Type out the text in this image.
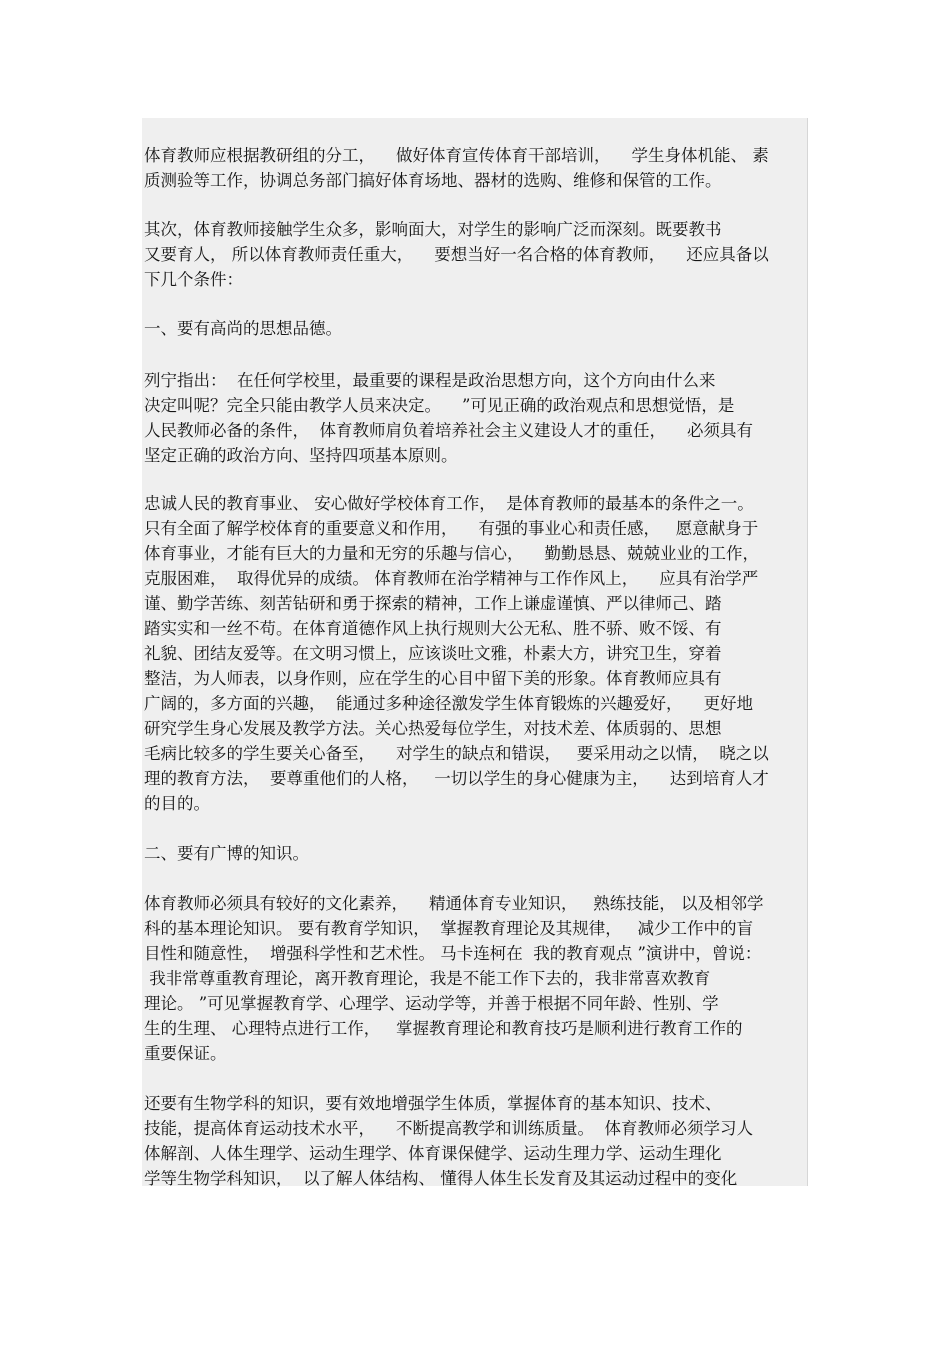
体育教师应根据教研组的分工，    做好体育宣传体育干部培训，    学生身体机能、 素
质测验等工作，协调总务部门搞好体育场地、器材的选购、维修和保管的工作。

其次，体育教师接触学生众多，影响面大，对学生的影响广泛而深刻。既要教书
又要育人， 所以体育教师责任重大，    要想当好一名合格的体育教师，    还应具备以
下几个条件：

一、要有高尚的思想品德。

列宁指出：  在任何学校里，最重要的课程是政治思想方向，这个方向由什么来
决定叫呢？完全只能由教学人员来决定。    ”可见正确的政治观点和思想觉悟，是
人民教师必备的条件，  体育教师肩负着培养社会主义建设人才的重任，    必须具有
坚定正确的政治方向、坚持四项基本原则。

忠诚人民的教育事业、 安心做好学校体育工作，  是体育教师的最基本的条件之一。
只有全面了解学校体育的重要意义和作用，    有强的事业心和责任感，   愿意献身于
体育事业，才能有巨大的力量和无穷的乐趣与信心，    勤勤恳恳、兢兢业业的工作，
克服困难，  取得优异的成绩。 体育教师在治学精神与工作作风上，    应具有治学严
谨、勤学苦练、刻苦钻研和勇于探索的精神，工作上谦虚谨慎、严以律师己、踏
踏实实和一丝不苟。在体育道德作风上执行规则大公无私、胜不骄、败不馁、有
礼貌、团结友爱等。在文明习惯上，应该谈吐文雅，朴素大方，讲究卫生，穿着
整洁，为人师表，以身作则，应在学生的心目中留下美的形象。体育教师应具有
广阔的，多方面的兴趣，  能通过多种途径激发学生体育锻炼的兴趣爱好，    更好地
研究学生身心发展及教学方法。关心热爱每位学生，对技术差、体质弱的、思想
毛病比较多的学生要关心备至，    对学生的缺点和错误，   要采用动之以情，  晓之以
理的教育方法，  要尊重他们的人格，   一切以学生的身心健康为主，    达到培育人才
的目的。

二、要有广博的知识。

体育教师必须具有较好的文化素养，    精通体育专业知识，   熟练技能， 以及相邻学
科的基本理论知识。 要有教育学知识，  掌握教育理论及其规律，   减少工作中的盲
目性和随意性，  增强科学性和艺术性。 马卡连柯在  我的教育观点 ”演讲中，曾说：
我非常尊重教育理论，离开教育理论，我是不能工作下去的，我非常喜欢教育
理论。 ”可见掌握教育学、心理学、运动学等，并善于根据不同年龄、性别、学
生的生理、 心理特点进行工作，   掌握教育理论和教育技巧是顺利进行教育工作的
重要保证。

还要有生物学科的知识，要有效地增强学生体质，掌握体育的基本知识、技术、
技能，提高体育运动技术水平，    不断提高教学和训练质量。  体育教师必须学习人
体解剖、人体生理学、运动生理学、体育课保健学、运动生理力学、运动生理化
学等生物学科知识，  以了解人体结构、 懂得人体生长发育及其运动过程中的变化
